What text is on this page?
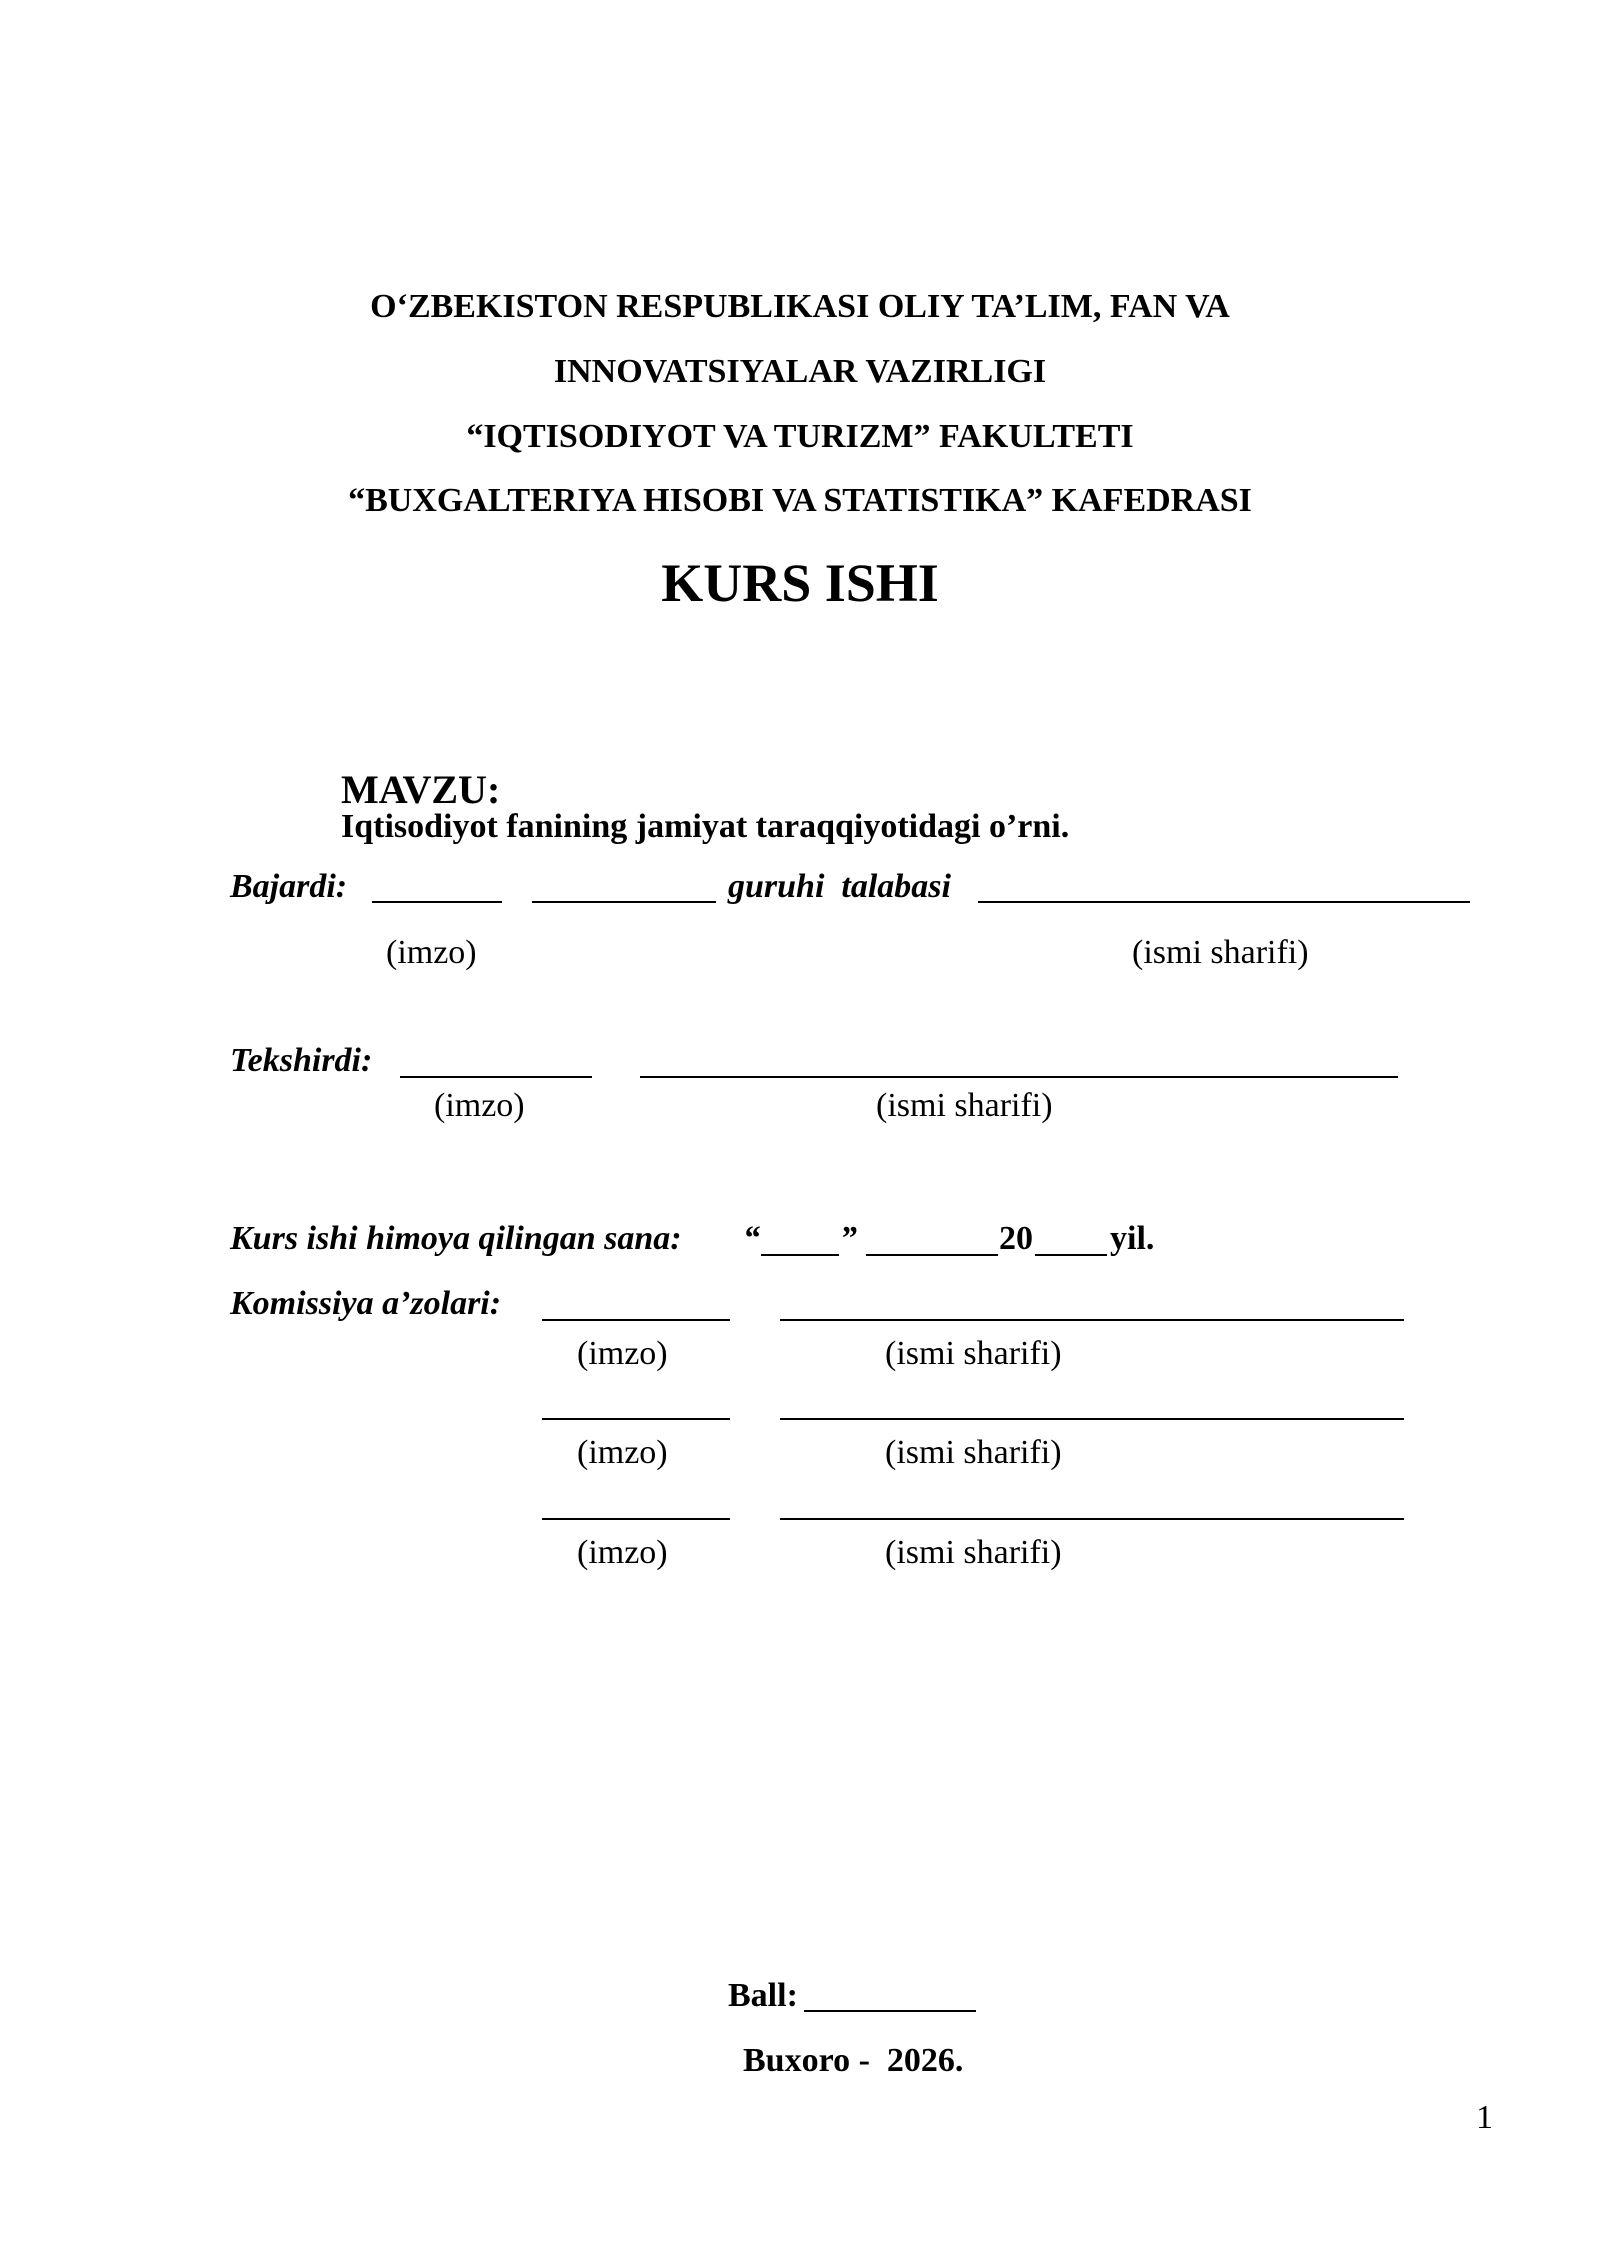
O‘ZBEKISTON RESPUBLIKASI OLIY TA’LIM, FAN VA
INNOVATSIYALAR VAZIRLIGI
“IQTISODIYOT VA TURIZM” FAKULTETI
“BUXGALTERIYA HISOBI VA STATISTIKA” KAFEDRASI
KURS ISHI

MAVZU:
Iqtisodiyot fanining jamiyat taraqqiyotidagi o’rni.

Bajardi:	guruhi  talabasi
(imzo)	(ismi sharifi)
Tekshirdi:
(imzo)	(ismi sharifi)
Kurs ishi himoya qilingan sana: “ ”	20 yil.
Komissiya a’zolari:
(imzo)	(ismi sharifi)
(imzo)	(ismi sharifi)
(imzo)	(ismi sharifi)
Ball:
Buxoro -  2026.
1
